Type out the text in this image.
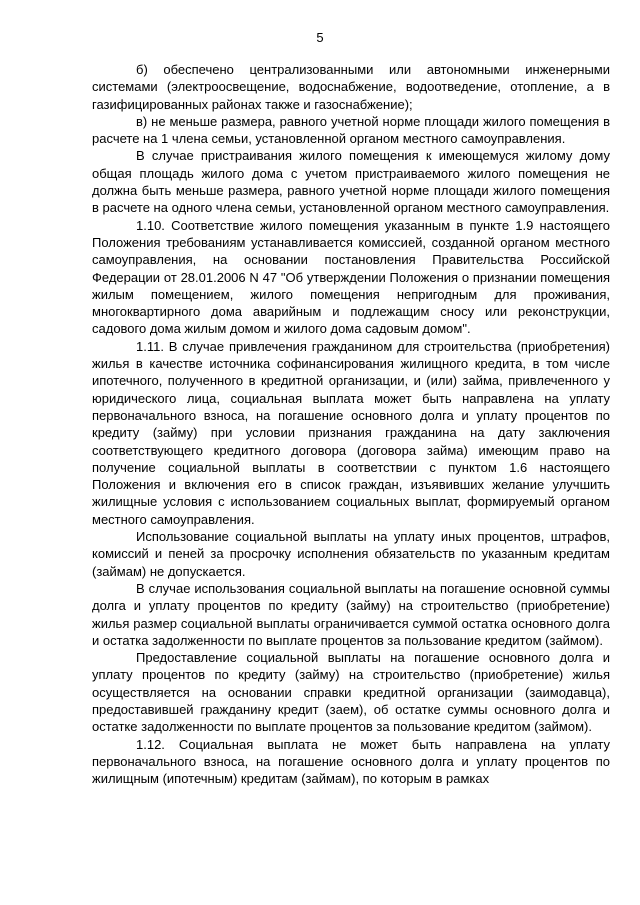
5

б) обеспечено централизованными или автономными инженерными системами (электроосвещение, водоснабжение, водоотведение, отопление, а в газифицированных районах также и газоснабжение);

в) не меньше размера, равного учетной норме площади жилого помещения в расчете на 1 члена семьи, установленной органом местного самоуправления.

В случае пристраивания жилого помещения к имеющемуся жилому дому общая площадь жилого дома с учетом пристраиваемого жилого помещения не должна быть меньше размера, равного учетной норме площади жилого помещения в расчете на одного члена семьи, установленной органом местного самоуправления.

1.10. Соответствие жилого помещения указанным в пункте 1.9 настоящего Положения требованиям устанавливается комиссией, созданной органом местного самоуправления, на основании постановления Правительства Российской Федерации от 28.01.2006 N 47 "Об утверждении Положения о признании помещения жилым помещением, жилого помещения непригодным для проживания, многоквартирного дома аварийным и подлежащим сносу или реконструкции, садового дома жилым домом и жилого дома садовым домом".

1.11. В случае привлечения гражданином для строительства (приобретения) жилья в качестве источника софинансирования жилищного кредита, в том числе ипотечного, полученного в кредитной организации, и (или) займа, привлеченного у юридического лица, социальная выплата может быть направлена на уплату первоначального взноса, на погашение основного долга и уплату процентов по кредиту (займу) при условии признания гражданина на дату заключения соответствующего кредитного договора (договора займа) имеющим право на получение социальной выплаты в соответствии с пунктом 1.6 настоящего Положения и включения его в список граждан, изъявивших желание улучшить жилищные условия с использованием социальных выплат, формируемый органом местного самоуправления.

Использование социальной выплаты на уплату иных процентов, штрафов, комиссий и пеней за просрочку исполнения обязательств по указанным кредитам (займам) не допускается.

В случае использования социальной выплаты на погашение основной суммы долга и уплату процентов по кредиту (займу) на строительство (приобретение) жилья размер социальной выплаты ограничивается суммой остатка основного долга и остатка задолженности по выплате процентов за пользование кредитом (займом).

Предоставление социальной выплаты на погашение основного долга и уплату процентов по кредиту (займу) на строительство (приобретение) жилья осуществляется на основании справки кредитной организации (заимодавца), предоставившей гражданину кредит (заем), об остатке суммы основного долга и остатке задолженности по выплате процентов за пользование кредитом (займом).

1.12. Социальная выплата не может быть направлена на уплату первоначального взноса, на погашение основного долга и уплату процентов по жилищным (ипотечным) кредитам (займам), по которым в рамках
